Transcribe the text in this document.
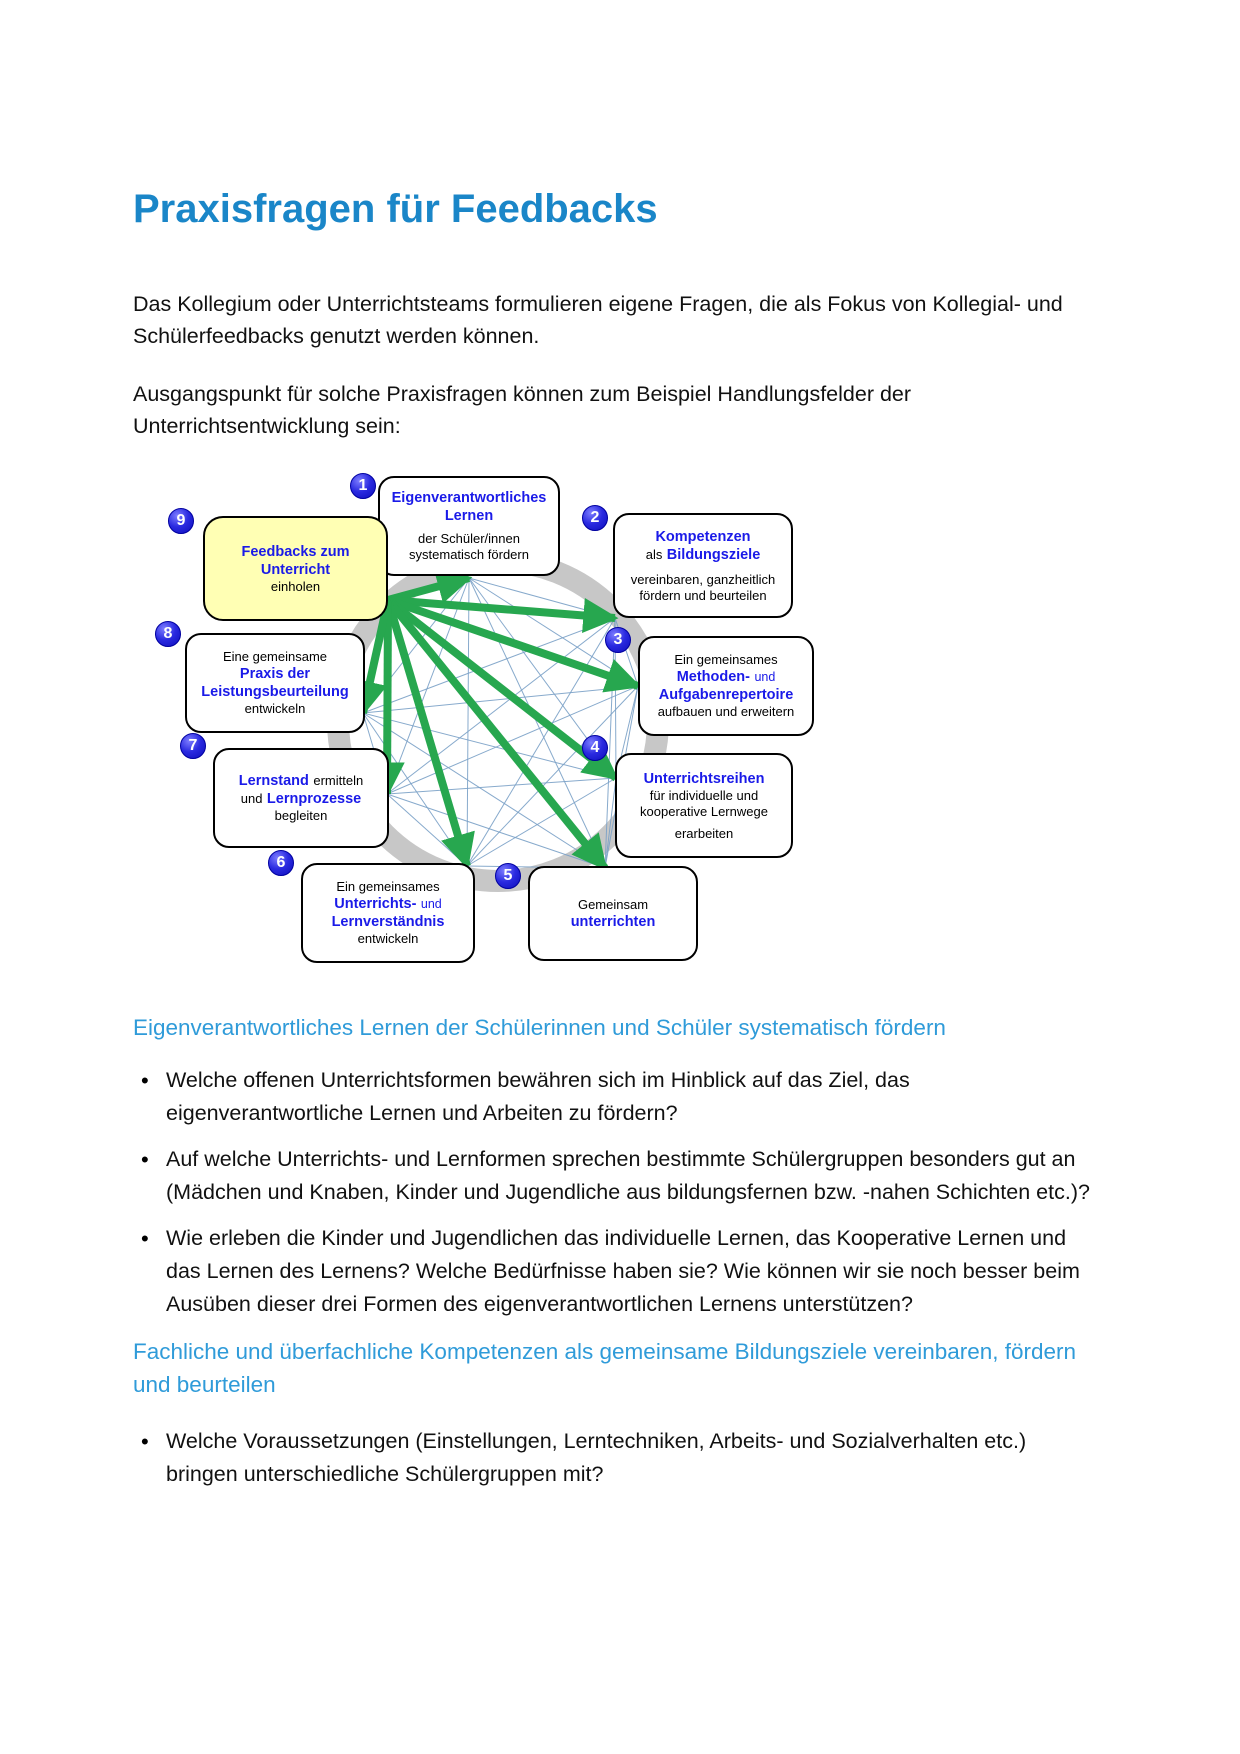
Praxisfragen für Feedbacks

Das Kollegium oder Unterrichtsteams formulieren eigene Fragen, die als Fokus von Kollegial- und Schülerfeedbacks genutzt werden können.

Ausgangspunkt für solche Praxisfragen können zum Beispiel Handlungsfelder der Unterrichtsentwicklung sein:

1
2
3
4
5
6
7
8
9
Eigenverantwortliches Lernen
der Schüler/innen systematisch fördern
Kompetenzen
als Bildungsziele
vereinbaren, ganzheitlich fördern und beurteilen
Ein gemeinsames
Methoden- und
Aufgabenrepertoire
aufbauen und erweitern
Unterrichtsreihen
für individuelle und kooperative Lernwege
erarbeiten
Gemeinsam
unterrichten
Ein gemeinsames
Unterrichts- und
Lernverständnis
entwickeln
Lernstand ermitteln
und Lernprozesse
begleiten
Eine gemeinsame
Praxis der Leistungsbeurteilung
entwickeln
Feedbacks zum Unterricht
einholen
Eigenverantwortliches Lernen der Schülerinnen und Schüler systematisch fördern
•
Welche offenen Unterrichtsformen bewähren sich im Hinblick auf das Ziel, das eigenverantwortliche Lernen und Arbeiten zu fördern?
•
Auf welche Unterrichts- und Lernformen sprechen bestimmte Schülergruppen besonders gut an (Mädchen und Knaben, Kinder und Jugendliche aus bildungsfernen bzw. -nahen Schichten etc.)?
•
Wie erleben die Kinder und Jugendlichen das individuelle Lernen, das Kooperative Lernen und das Lernen des Lernens? Welche Bedürfnisse haben sie? Wie können wir sie noch besser beim Ausüben dieser drei Formen des eigenverantwortlichen Lernens unterstützen?
Fachliche und überfachliche Kompetenzen als gemeinsame Bildungsziele vereinbaren, fördern und beurteilen
•
Welche Voraussetzungen (Einstellungen, Lerntechniken, Arbeits- und Sozialverhalten etc.) bringen unterschiedliche Schülergruppen mit?
